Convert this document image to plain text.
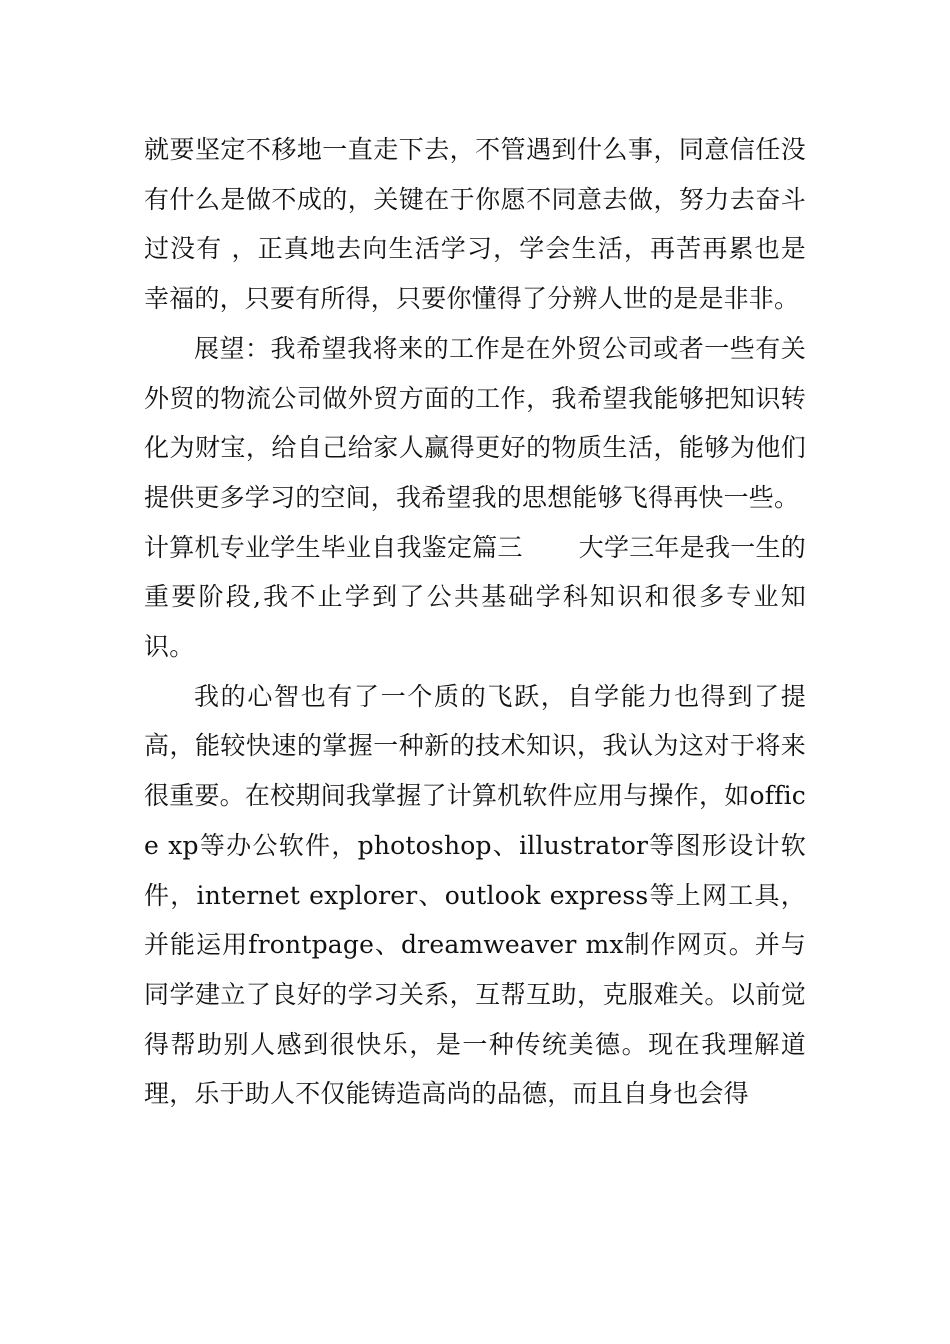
就要坚定不移地一直走下去，不管遇到什么事，同意信任没有什么是做不成的，关键在于你愿不同意去做，努力去奋斗过没有 ，正真地去向生活学习，学会生活，再苦再累也是幸福的，只要有所得，只要你懂得了分辨人世的是是非非。

展望：我希望我将来的工作是在外贸公司或者一些有关外贸的物流公司做外贸方面的工作，我希望我能够把知识转化为财宝，给自己给家人赢得更好的物质生活，能够为他们提供更多学习的空间，我希望我的思想能够飞得再快一些。

计算机专业学生毕业自我鉴定篇三 大学三年是我一生的重要阶段,我不止学到了公共基础学科知识和很多专业知识。

我的心智也有了一个质的飞跃，自学能力也得到了提高，能较快速的掌握一种新的技术知识，我认为这对于将来很重要。在校期间我掌握了计算机软件应用与操作，如office xp等办公软件，photoshop、illustrator等图形设计软件，internet explorer、outlook express等上网工具，并能运用frontpage、dreamweaver mx制作网页。并与同学建立了良好的学习关系，互帮互助，克服难关。以前觉得帮助别人感到很快乐，是一种传统美德。现在我理解道理，乐于助人不仅能铸造高尚的品德，而且自身也会得
